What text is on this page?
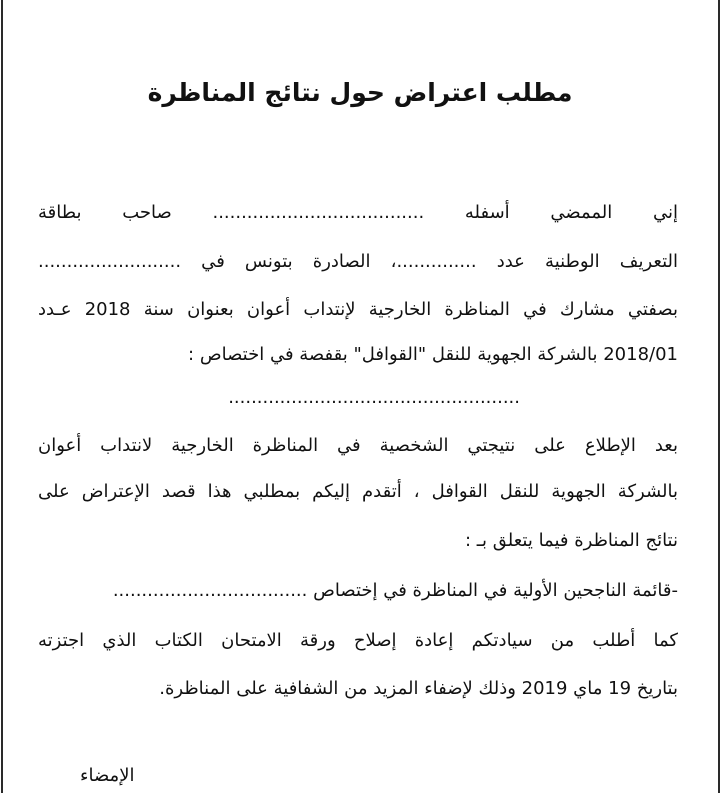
مطلب اعتراض حول نتائج المناظرة

إني الممضي أسفله ..................................... صاحب بطاقة

التعريف الوطنية عدد ..............، الصادرة بتونس في .........................

بصفتي مشارك في المناظرة الخارجية لإنتداب أعوان بعنوان سنة 2018 عـدد

2018/01 بالشركة الجهوية للنقل "القوافل" بقفصة في اختصاص :

...................................................

بعد الإطلاع على نتيجتي الشخصية في المناظرة الخارجية لانتداب أعوان

بالشركة الجهوية للنقل القوافل ، أتقدم إليكم بمطلبي هذا قصد الإعتراض على

نتائج المناظرة فيما يتعلق بـ :

-قائمة الناجحين الأولية في المناظرة في إختصاص ..................................

كما أطلب من سيادتكم إعادة إصلاح ورقة الامتحان الكتاب الذي اجتزته

بتاريخ 19 ماي 2019 وذلك لإضفاء المزيد من الشفافية على المناظرة.

الإمضاء
